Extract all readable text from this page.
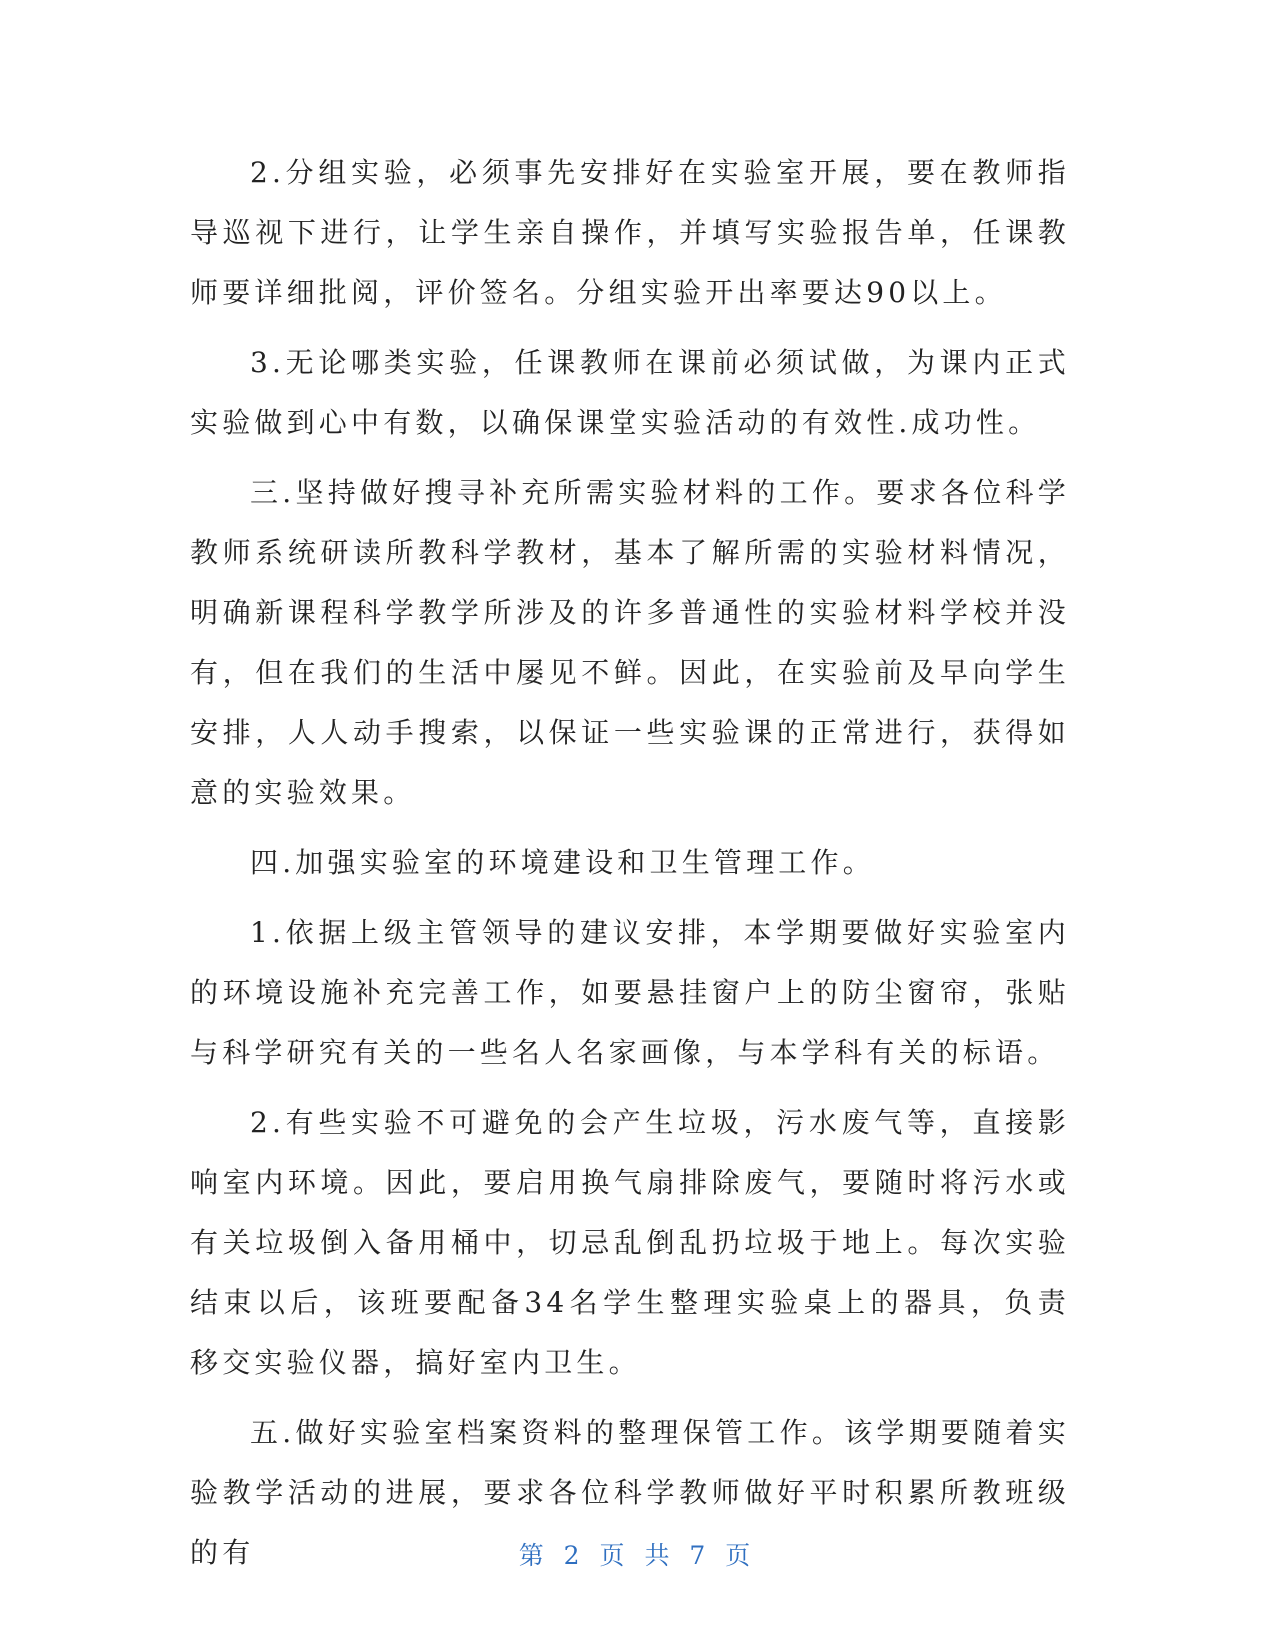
2.分组实验，必须事先安排好在实验室开展，要在教师指导巡视下进行，让学生亲自操作，并填写实验报告单，任课教师要详细批阅，评价签名。分组实验开出率要达90以上。

3.无论哪类实验，任课教师在课前必须试做，为课内正式实验做到心中有数，以确保课堂实验活动的有效性.成功性。

三.坚持做好搜寻补充所需实验材料的工作。要求各位科学教师系统研读所教科学教材，基本了解所需的实验材料情况，明确新课程科学教学所涉及的许多普通性的实验材料学校并没有，但在我们的生活中屡见不鲜。因此，在实验前及早向学生安排，人人动手搜索，以保证一些实验课的正常进行，获得如意的实验效果。

四.加强实验室的环境建设和卫生管理工作。

1.依据上级主管领导的建议安排，本学期要做好实验室内的环境设施补充完善工作，如要悬挂窗户上的防尘窗帘，张贴与科学研究有关的一些名人名家画像，与本学科有关的标语。

2.有些实验不可避免的会产生垃圾，污水废气等，直接影响室内环境。因此，要启用换气扇排除废气，要随时将污水或有关垃圾倒入备用桶中，切忌乱倒乱扔垃圾于地上。每次实验结束以后，该班要配备34名学生整理实验桌上的器具，负责移交实验仪器，搞好室内卫生。

五.做好实验室档案资料的整理保管工作。该学期要随着实验教学活动的进展，要求各位科学教师做好平时积累所教班级的有	第 2 页 共 7 页
